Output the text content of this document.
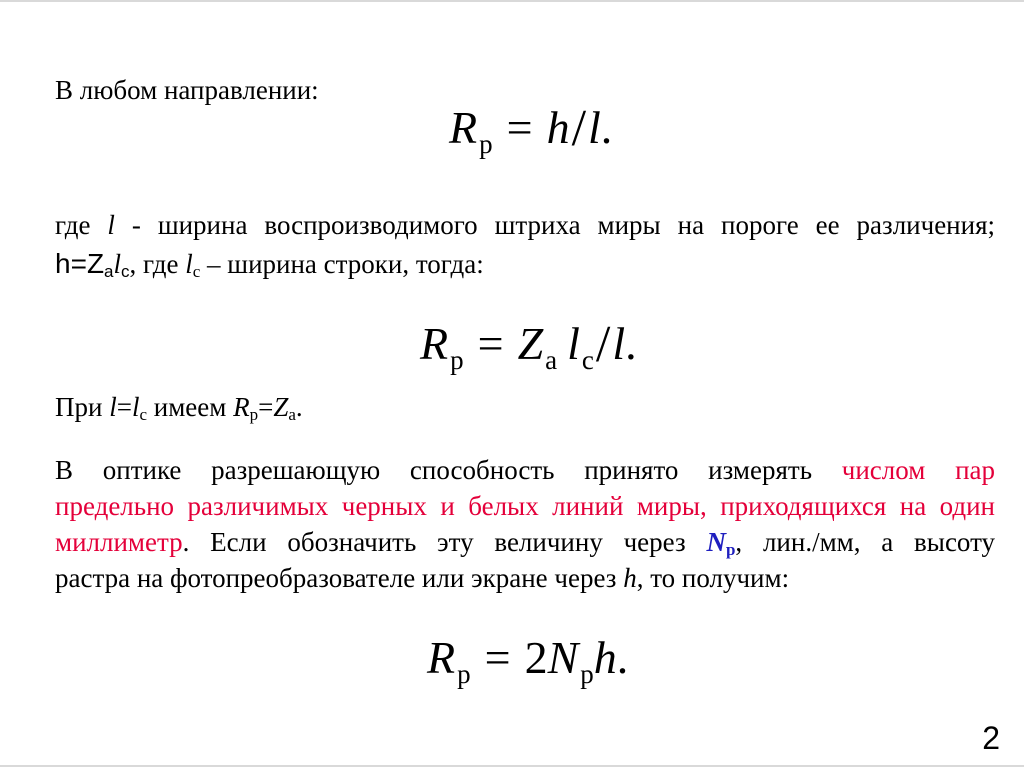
В любом направлении:
$R_р = h/l$.
где l - ширина воспроизводимого штриха миры на пороге ее различения;
h=Zаlс, где lс – ширина строки, тогда:
$R_р = Z_а$ $l_с/l$.
При l=lс имеем Rр=Zа.
В оптике разрешающую способность принято измерять числом пар
предельно различимых черных и белых линий миры, приходящихся на один
миллиметр. Если обозначить эту величину через Nр, лин./мм, а высоту
растра на фотопреобразователе или экране через h, то получим:
$R_р = 2N_рh$.
2
